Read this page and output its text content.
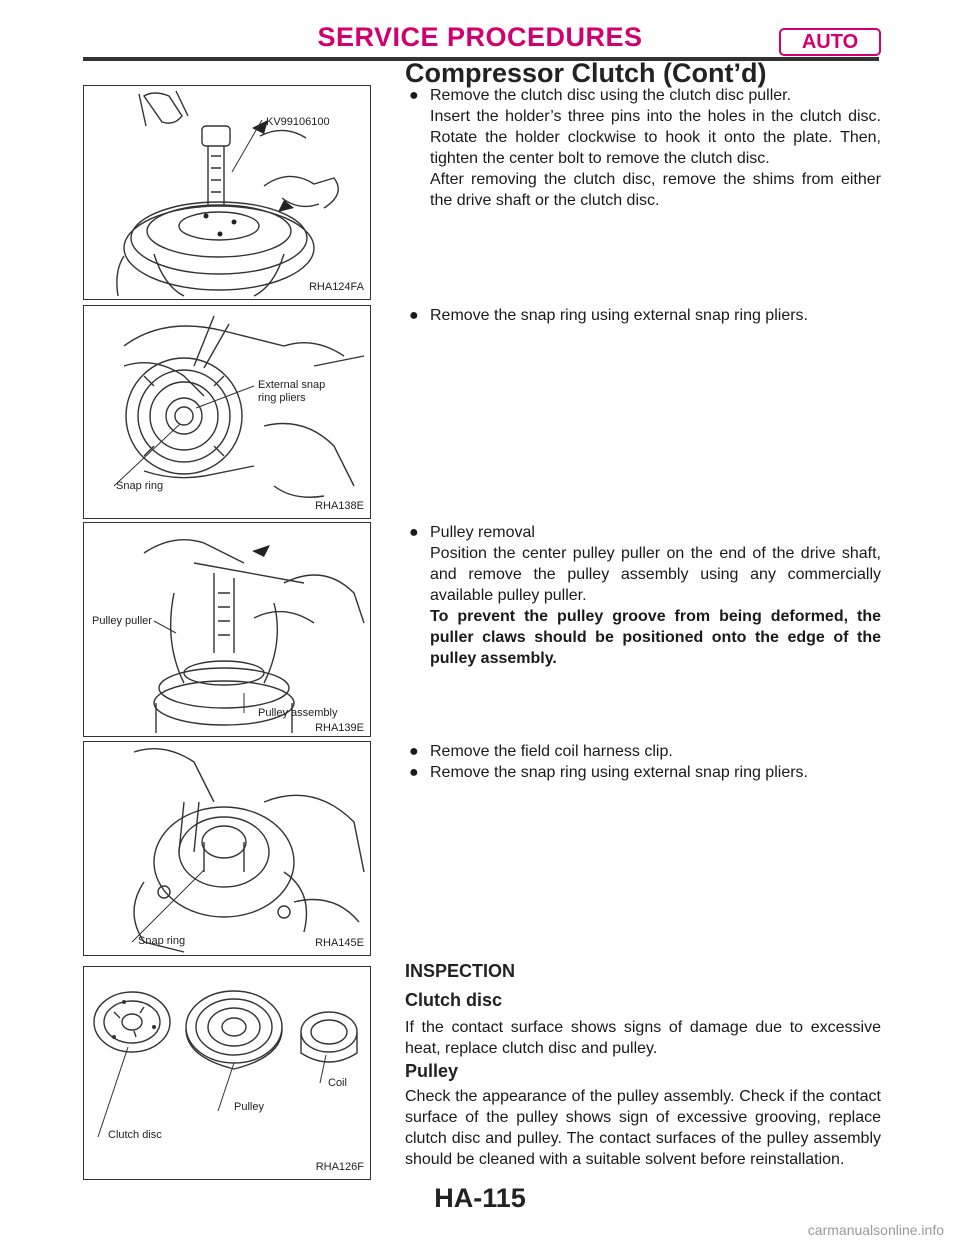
SERVICE PROCEDURES	AUTO
Compressor Clutch (Cont’d)
KV99106100
RHA124FA
● Remove the clutch disc using the clutch disc puller.
Insert the holder’s three pins into the holes in the clutch disc. Rotate the holder clockwise to hook it onto the plate. Then, tighten the center bolt to remove the clutch disc.
After removing the clutch disc, remove the shims from either the drive shaft or the clutch disc.
External snap
ring pliers
Snap ring
RHA138E
● Remove the snap ring using external snap ring pliers.
Pulley puller
Pulley assembly
RHA139E
● Pulley removal
Position the center pulley puller on the end of the drive shaft, and remove the pulley assembly using any commercially available pulley puller.
To prevent the pulley groove from being deformed, the puller claws should be positioned onto the edge of the pulley assembly.
Snap ring	RHA145E
● Remove the field coil harness clip.
● Remove the snap ring using external snap ring pliers.
Coil
Pulley
Clutch disc
RHA126F
INSPECTION
Clutch disc
If the contact surface shows signs of damage due to excessive heat, replace clutch disc and pulley.
Pulley
Check the appearance of the pulley assembly. Check if the contact surface of the pulley shows sign of excessive grooving, replace clutch disc and pulley. The contact surfaces of the pulley assembly should be cleaned with a suitable solvent before reinstallation.
HA-115
carmanualsonline.info
